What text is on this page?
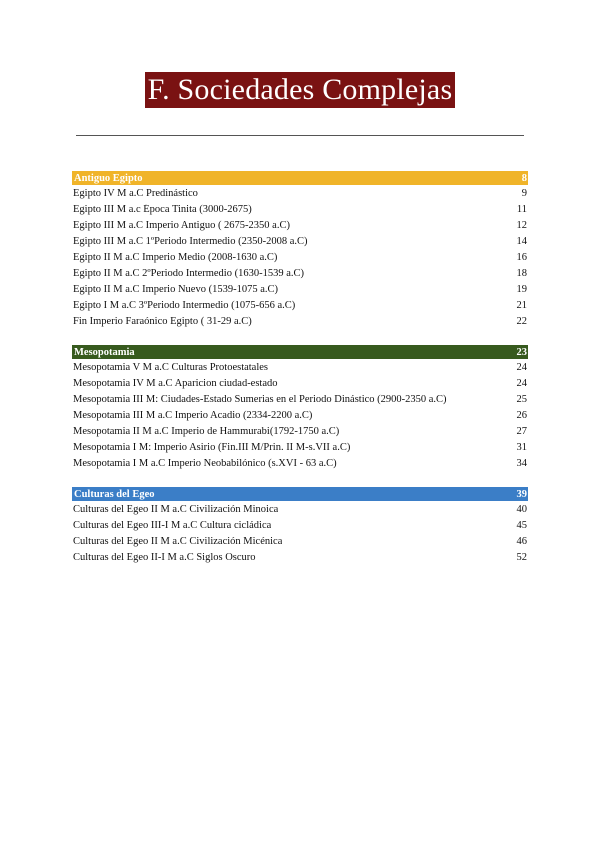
F. Sociedades Complejas
Antiguo Egipto	8
Egipto IV M a.C Predinástico	9
Egipto III M a.c Época Tinita (3000-2675)	11
Egipto III M a.C Imperio Antiguo ( 2675-2350 a.C)	12
Egipto III M a.C 1ºPeriodo Intermedio (2350-2008 a.C)	14
Egipto II M a.C Imperio Medio (2008-1630 a.C)	16
Egipto II M a.C 2ºPeriodo Intermedio (1630-1539 a.C)	18
Egipto II M a.C Imperio Nuevo (1539-1075 a.C)	19
Egipto I M a.C 3ºPeriodo Intermedio (1075-656 a.C)	21
Fin Imperio Faraónico Egipto ( 31-29 a.C)	22
Mesopotamia	23
Mesopotamia V M a.C Culturas Protoestatales	24
Mesopotamia IV M a.C Aparicion ciudad-estado	24
Mesopotamia III M: Ciudades-Estado Sumerias en el Periodo Dinástico (2900-2350 a.C)	25
Mesopotamia III M a.C Imperio Acadio (2334-2200 a.C)	26
Mesopotamia II M a.C Imperio de Hammurabi(1792-1750 a.C)	27
Mesopotamia I M: Imperio Asirio (Fin.III M/Prin. II M-s.VII a.C)	31
Mesopotamia I M a.C Imperio Neobabilónico (s.XVI - 63 a.C)	34
Culturas del Egeo	39
Culturas del Egeo II M a.C Civilización Minoica	40
Culturas del Egeo III-I M a.C Cultura cicládica	45
Culturas del Egeo II M a.C Civilización Micénica	46
Culturas del Egeo II-I M a.C Siglos Oscuro	52
